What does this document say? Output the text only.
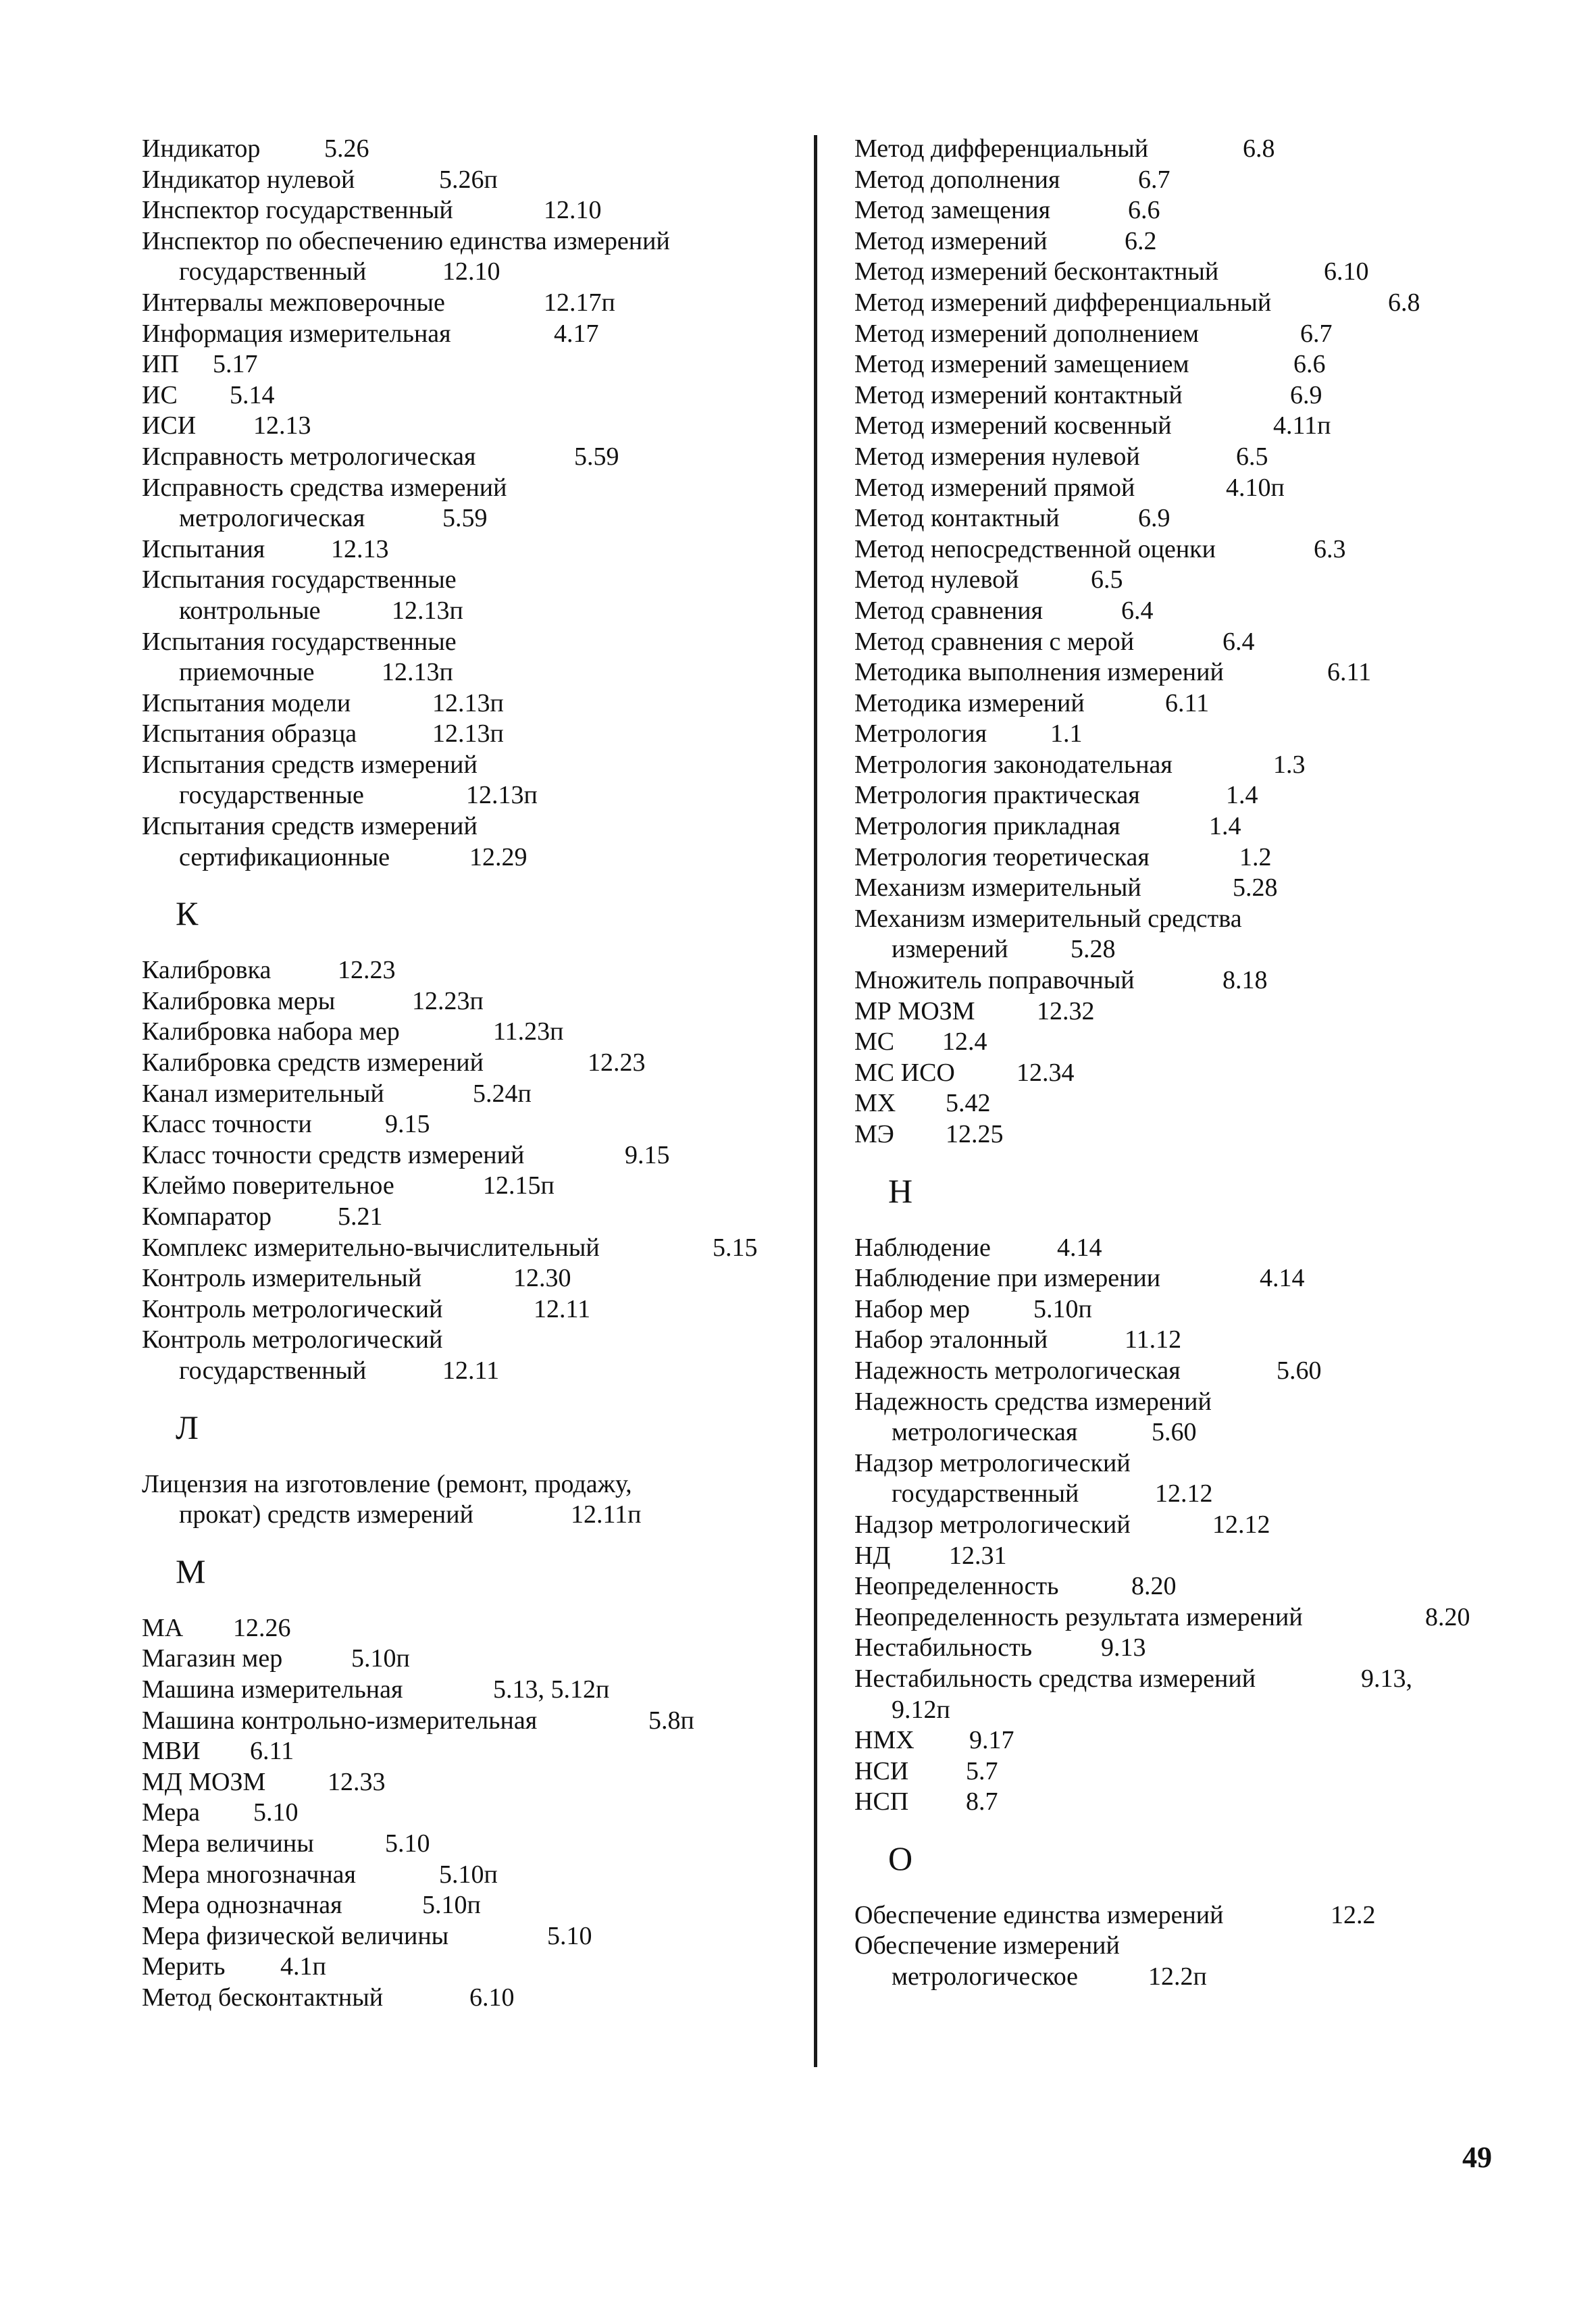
Индикатор 5.26
Индикатор нулевой	5.26п
Инспектор государственный	12.10
Инспектор по обеспечению единства измерений
государственный	12.10
Интервалы межповерочные	12.17п
Информация измерительная	4.17
ИП 5.17
ИС 5.14
ИСИ 12.13
Исправность метрологическая	5.59
Исправность средства измерений
метрологическая	5.59
Испытания	12.13
Испытания государственные
контрольные	12.13п
Испытания государственные
приемочные	12.13п
Испытания модели	12.13п
Испытания образца	12.13п
Испытания средств измерений
государственные	12.13п
Испытания средств измерений
сертификационные	12.29
К
Калибровка	12.23
Калибровка меры	12.23п
Калибровка набора мер	11.23п
Калибровка средств измерений	12.23
Канал измерительный	5.24п
Класс точности	9.15
Класс точности средств измерений	9.15
Клеймо поверительное	12.15п
Компаратор	5.21
Комплекс измерительно-вычислительный	5.15
Контроль измерительный	12.30
Контроль метрологический	12.11
Контроль метрологический
государственный	12.11
Л
Лицензия на изготовление (ремонт, продажу,
прокат) средств измерений	12.11п
М
МА 12.26
Магазин мер	5.10п
Машина измерительная	5.13, 5.12п
Машина контрольно-измерительная	5.8п
МВИ 6.11
МД МОЗМ 12.33
Мера 5.10
Мера величины	5.10
Мера многозначная	5.10п
Мера однозначная	5.10п
Мера физической величины	5.10
Мерить 4.1п
Метод бесконтактный	6.10
Метод дифференциальный	6.8
Метод дополнения	6.7
Метод замещения	6.6
Метод измерений	6.2
Метод измерений бесконтактный	6.10
Метод измерений дифференциальный	6.8
Метод измерений дополнением	6.7
Метод измерений замещением	6.6
Метод измерений контактный	6.9
Метод измерений косвенный	4.11п
Метод измерения нулевой	6.5
Метод измерений прямой	4.10п
Метод контактный	6.9
Метод непосредственной оценки	6.3
Метод нулевой	6.5
Метод сравнения	6.4
Метод сравнения с мерой	6.4
Методика выполнения измерений	6.11
Методика измерений	6.11
Метрология 1.1
Метрология законодательная	1.3
Метрология практическая	1.4
Метрология прикладная	1.4
Метрология теоретическая	1.2
Механизм измерительный	5.28
Механизм измерительный средства
измерений 5.28
Множитель поправочный	8.18
МР МОЗМ 12.32
МС 12.4
МС ИСО 12.34
МХ 5.42
МЭ 12.25
Н
Наблюдение	4.14
Наблюдение при измерении	4.14
Набор мер 5.10п
Набор эталонный	11.12
Надежность метрологическая	5.60
Надежность средства измерений
метрологическая	5.60
Надзор метрологический
государственный	12.12
Надзор метрологический	12.12
НД 12.31
Неопределенность	8.20
Неопределенность результата измерений	8.20
Нестабильность	9.13
Нестабильность средства измерений	9.13,
9.12п
НМХ 9.17
НСИ 5.7
НСП 8.7
О
Обеспечение единства измерений	12.2
Обеспечение измерений
метрологическое	12.2п
49
